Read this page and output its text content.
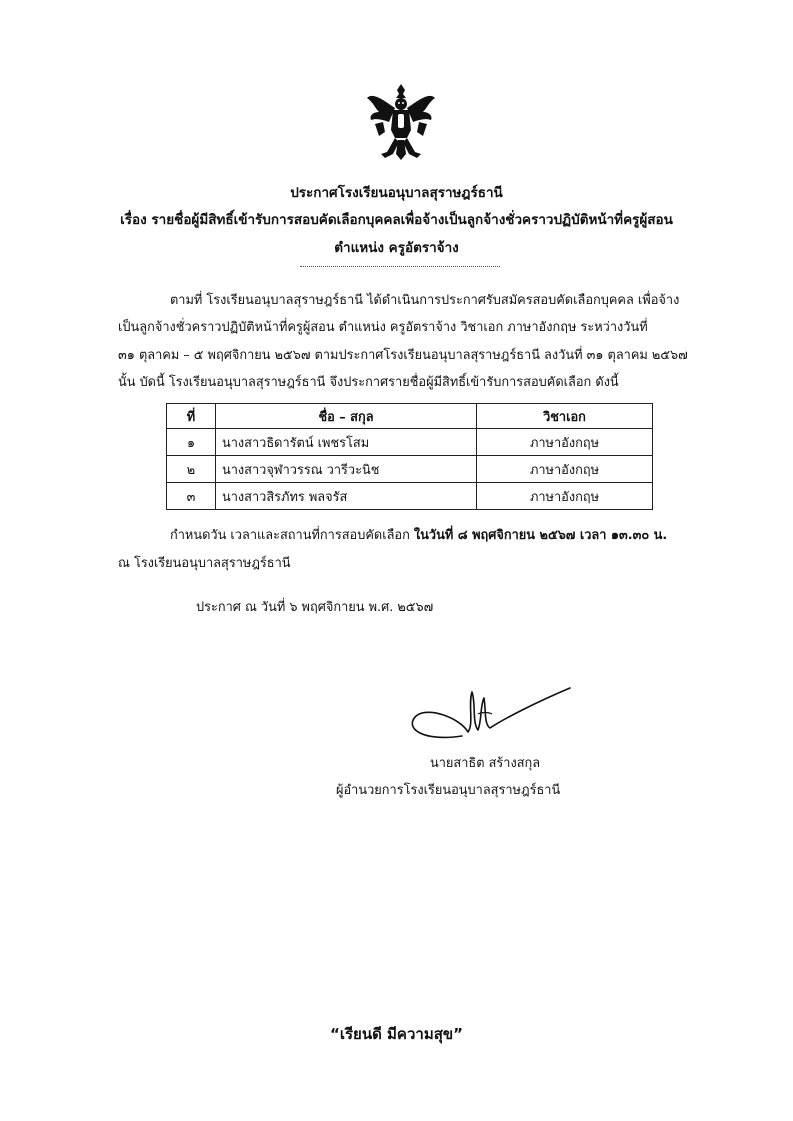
ประกาศโรงเรียนอนุบาลสุราษฎร์ธานี
เรื่อง รายชื่อผู้มีสิทธิ์เข้ารับการสอบคัดเลือกบุคคลเพื่อจ้างเป็นลูกจ้างชั่วคราวปฏิบัติหน้าที่ครูผู้สอน
ตำแหน่ง ครูอัตราจ้าง
ตามที่ โรงเรียนอนุบาลสุราษฎร์ธานี ได้ดำเนินการประกาศรับสมัครสอบคัดเลือกบุคคล เพื่อจ้าง
เป็นลูกจ้างชั่วคราวปฏิบัติหน้าที่ครูผู้สอน ตำแหน่ง ครูอัตราจ้าง วิชาเอก ภาษาอังกฤษ ระหว่างวันที่
๓๑ ตุลาคม – ๕ พฤศจิกายน ๒๕๖๗ ตามประกาศโรงเรียนอนุบาลสุราษฎร์ธานี ลงวันที่ ๓๑ ตุลาคม ๒๕๖๗
นั้น บัดนี้ โรงเรียนอนุบาลสุราษฎร์ธานี จึงประกาศรายชื่อผู้มีสิทธิ์เข้ารับการสอบคัดเลือก ดังนี้
ที่	ชื่อ – สกุล	วิชาเอก
๑	นางสาวธิดารัตน์ เพชรโสม	ภาษาอังกฤษ
๒	นางสาวจุฬาวรรณ วารีวะนิช	ภาษาอังกฤษ
๓	นางสาวสิรภัทร พลจรัส	ภาษาอังกฤษ
กำหนดวัน เวลาและสถานที่การสอบคัดเลือก ในวันที่ ๘ พฤศจิกายน ๒๕๖๗ เวลา ๑๓.๓๐ น.
ณ โรงเรียนอนุบาลสุราษฎร์ธานี
ประกาศ ณ วันที่ ๖ พฤศจิกายน พ.ศ. ๒๕๖๗
นายสาธิต สร้างสกุล
ผู้อำนวยการโรงเรียนอนุบาลสุราษฎร์ธานี
“เรียนดี มีความสุข”
